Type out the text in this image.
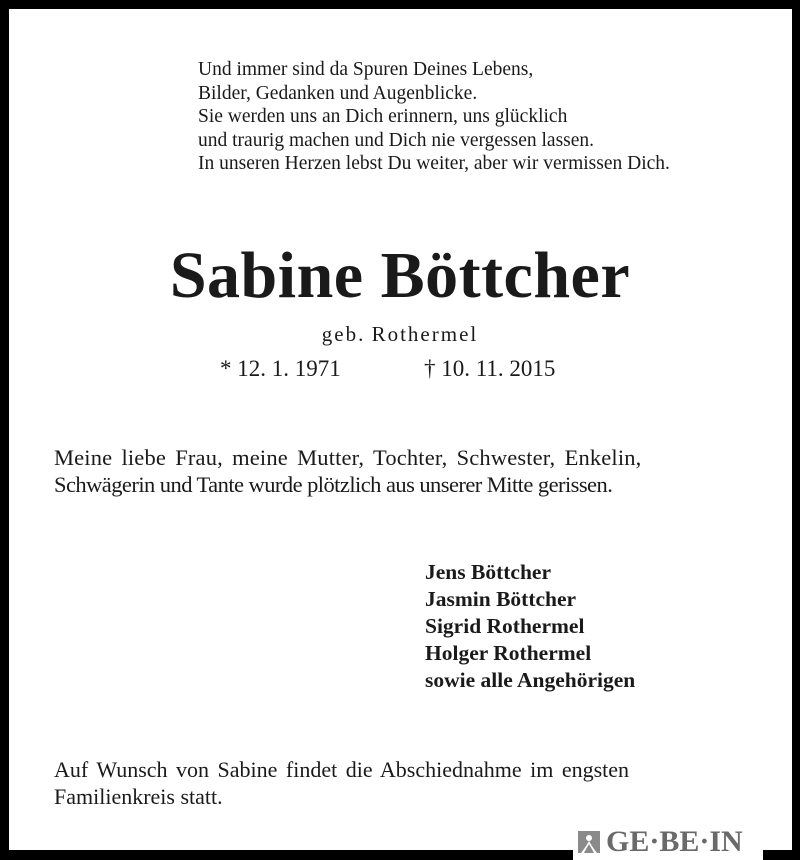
Und immer sind da Spuren Deines Lebens,
Bilder, Gedanken und Augenblicke.
Sie werden uns an Dich erinnern, uns glücklich
und traurig machen und Dich nie vergessen lassen.
In unseren Herzen lebst Du weiter, aber wir vermissen Dich.
Sabine Böttcher
geb. Rothermel
* 12. 1. 1971	† 10. 11. 2015
Meine liebe Frau, meine Mutter, Tochter, Schwester, Enkelin,
Schwägerin und Tante wurde plötzlich aus unserer Mitte gerissen.
Jens Böttcher
Jasmin Böttcher
Sigrid Rothermel
Holger Rothermel
sowie alle Angehörigen
Auf Wunsch von Sabine findet die Abschiednahme im engsten
Familienkreis statt.
GE·BE·IN
